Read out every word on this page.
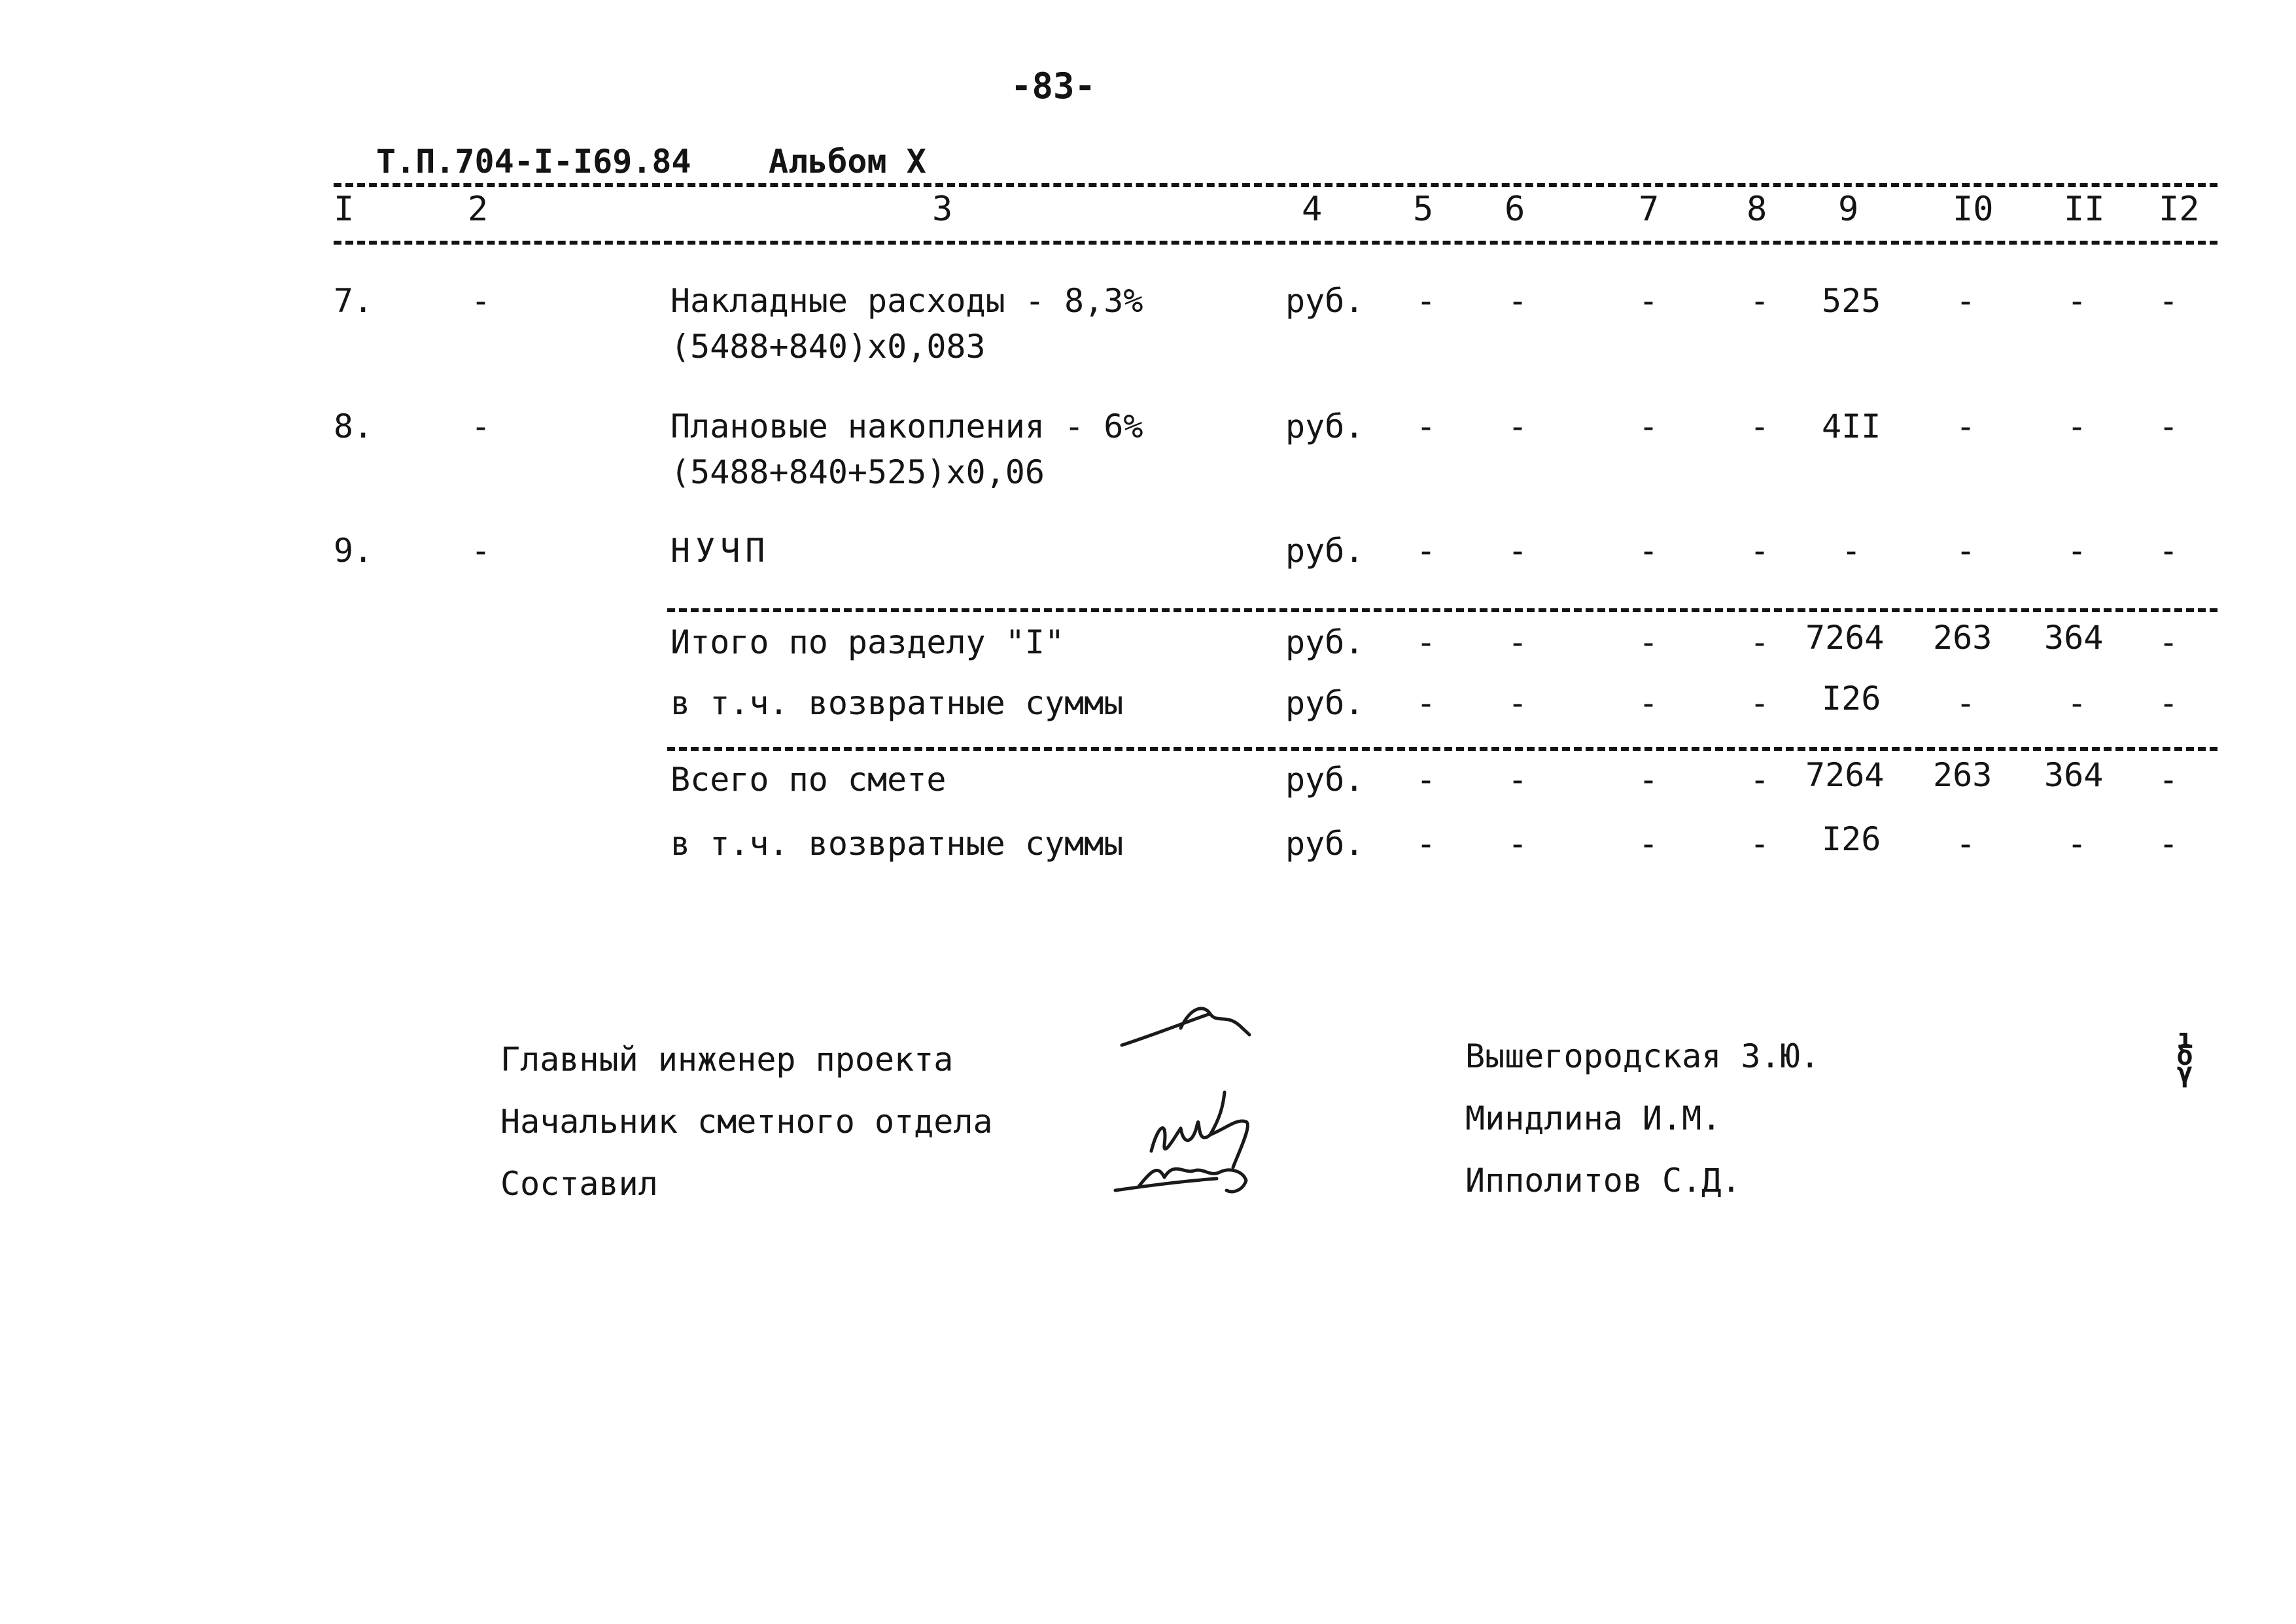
-83-
Т.П.704-I-I69.84 Альбом X
I	2	3	4	5 6	7	8 9	I0 II I2
7.	-	Накладные расходы - 8,3%
(5488+840)x0,083
руб. - -	-	- 525 -	- -
8.	-	Плановые накопления - 6%
(5488+840+525)x0,06
руб. - -	-	- 4II -	- -
9.	-	НУЧП	руб. - -	-	- -	-	- -
Итого по разделу "I"	руб. - -	-	- 7264 263 364 -
в т.ч. возвратные суммы	руб. - -	-	- I26 -	- -
Всего по смете	руб. - -	-	- 7264 263 364 -
в т.ч. возвратные суммы	руб. - -	-	- I26 -	- -
Главный инженер проекта
Начальник сметного отдела
Составил
Вышегородская З.Ю.
Миндлина И.М.
Ипполитов С.Д.
ıδγ
